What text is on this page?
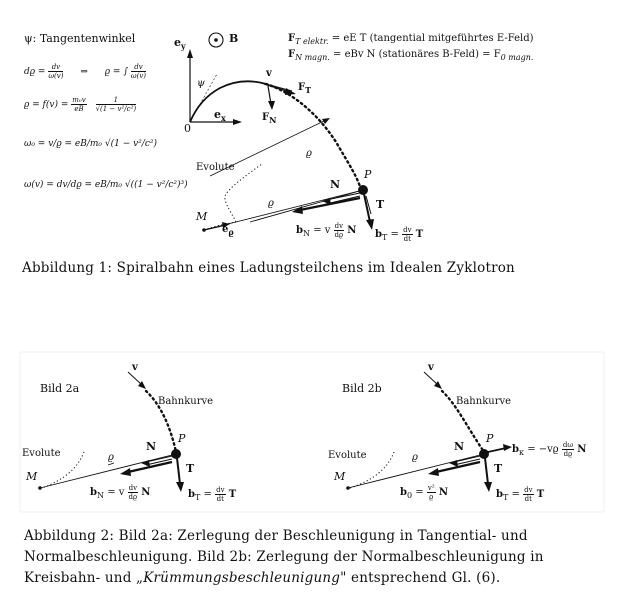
ψ: Tangentenwinkel
$dϱ = \frac{dv}{\omega(v)}$ ⇒ ϱ = ∫ $\frac{dv}{\omega(v)}$
$ϱ = f(v) = \frac{\text{m₀v}}{eB}$
$\frac{1}{\text{√(1 − v²/c²)}}$
ω₀ = v/ϱ = eB/m₀ √(1 − v²/c²)
ω(v) = dv/dϱ = eB/m₀ √((1 − v²/c²)³)
$e_y$
B
$e_x$
0
ψ
v
$F_T$
$F_N$
$F_{T elektr.}$ = eE T (tangential mitgeführtes E-Feld)
$F_{N magn.}$ = eBv N (stationäres B-Feld) = $F_{0 magn.}$
Evolute
ϱ
ϱ
N
P
T
M
$e_ϱ$	$b_N = v \frac{dv}{dϱ}$ N $b_T = \frac{dv}{dt}$ T
Abbildung 1: Spiralbahn eines Ladungsteilchens im Idealen Zyklotron
Bild 2a
v
Bahnkurve
Evolute
N
P
ϱ
T
M
$b_N = v \frac{dv}{dϱ}$ N	$b_T = \frac{dv}{dt}$ T
Bild 2b
v
Bahnkurve
Evolute
N
P
ϱ
T
M
$b_\kappa = -vϱ \frac{d\omega}{dϱ}$ N
$b_0 = \frac{\text{v²}}{ϱ}$ N	$b_T = \frac{dv}{dt}$ T
Abbildung 2: Bild 2a: Zerlegung der Beschleunigung in Tangential- und
Normalbeschleunigung. Bild 2b: Zerlegung der Normalbeschleunigung in
Kreisbahn- und „Krümmungsbeschleunigung" entsprechend Gl. (6).
